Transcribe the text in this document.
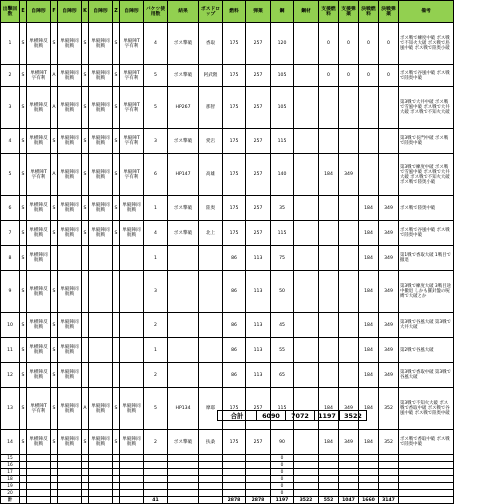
出撃回数	E	自陣形	F	自陣形	K	自陣形	Z	自陣形	バケツ使用数	結果	ボスドロップ	燃料	弾薬	鋼	鋼材	支援燃料	支援弾薬	決戦燃料	決戦弾薬	備考
1	S	単横陣反航戦	S	単縦陣同航戦	S	単縦陣同航戦	S	単縦陣T字有利	4	ボス撃破	香取	175	257	120		0	0	0	0	ボス戦で練度中破 ボス戦で不知火大破 ボス戦で島風中破 ボス戦で陸奥小破
2	S	単横陣T字有利	A	単縦陣同航戦	S	単縦陣同航戦	S	単縦陣T字有利	5	ボス撃破	阿武隈	175	257	105		0	0	0	0	ボス戦で谷風中破 ボス戦で陸奥中破
3	S	単横陣反航戦	A	単縦陣同航戦	S	単縦陣同航戦	S	単縦陣T字有利	5	HP267	那智	175	257	105						第3戦で大井中破 ボス戦で雪風中破 ボス戦で大井大破 ボス戦で不知火大破
4	S	単横陣反航戦	S	単縦陣同航戦	S	単縦陣同航戦	S	単縦陣T字有利	3	ボス撃破	愛宕	175	257	115						第3戦で長門中破 ボス戦で陸奥中破
5	S	単横陣T字有利	A	単縦陣同航戦	S	単縦陣同航戦	S	単縦陣T字有利	6	HP147	高雄	175	257	140		184	349			第3戦で練度中破 ボス戦で雪風中破 ボス戦で大井大破 ボス戦で不知火大破 ボス戦で陸奥小破
6	S	単横陣反航戦	S	単縦陣同航戦	S	単縦陣同航戦	S	単縦陣同航戦	1	ボス撃破	陸奥	175	257	35				184	349	ボス戦で陸奥中破
7	S	単横陣反航戦	S	単縦陣同航戦	S	単縦陣同航戦	S	単縦陣同航戦	4	ボス撃破	北上	175	257	115				184	349	ボス戦で谷風中破 ボス戦で陸奥中破
8	S	単横陣同航戦							1			86	113	75				184	349	第1戦で香取大破 1戦目で撤退
9	S	単横陣反航戦	S	単縦陣同航戦					3			86	113	50				184	349	第3戦で練度大破 3戦目途中撤退 しかも羅針盤の呪縛で大破とか
10	S	単横陣反航戦	S	単縦陣同航戦					2			86	113	45				184	349	第3戦で谷風大破 第3戦で大井大破
11	S	単横陣反航戦	S	単縦陣同航戦					1			86	113	55				184	349	第2戦で谷風大破
12	S	単横陣反航戦	S	単縦陣同航戦					2			86	113	65				184	349	第3戦で香取中破 第3戦で谷風大破
13	S	単横陣T字有利	S	単縦陣同航戦	A	単縦陣同航戦	S	単縦陣同航戦	5	HP134	摩耶	175	257	115		184	349	184	352	第3戦で不知火大破 ボス戦で香取中破 ボス戦で谷風中破 ボス戦で陸奥中破
14	S	単横陣反航戦	S	単縦陣同航戦	S	単縦陣同航戦	S	単縦陣同航戦	2	ボス撃破	扶桑	175	257	90		184	349	184	352	ボス戦で香取中破 ボス戦で陸奥中破
15														0						
16														0						
17														0						
18														0						
19														0						
20														0						
計									41			2878	2878	1197	3522	552	1047	1660	3147	
合計	6090	7072	1197	3522
